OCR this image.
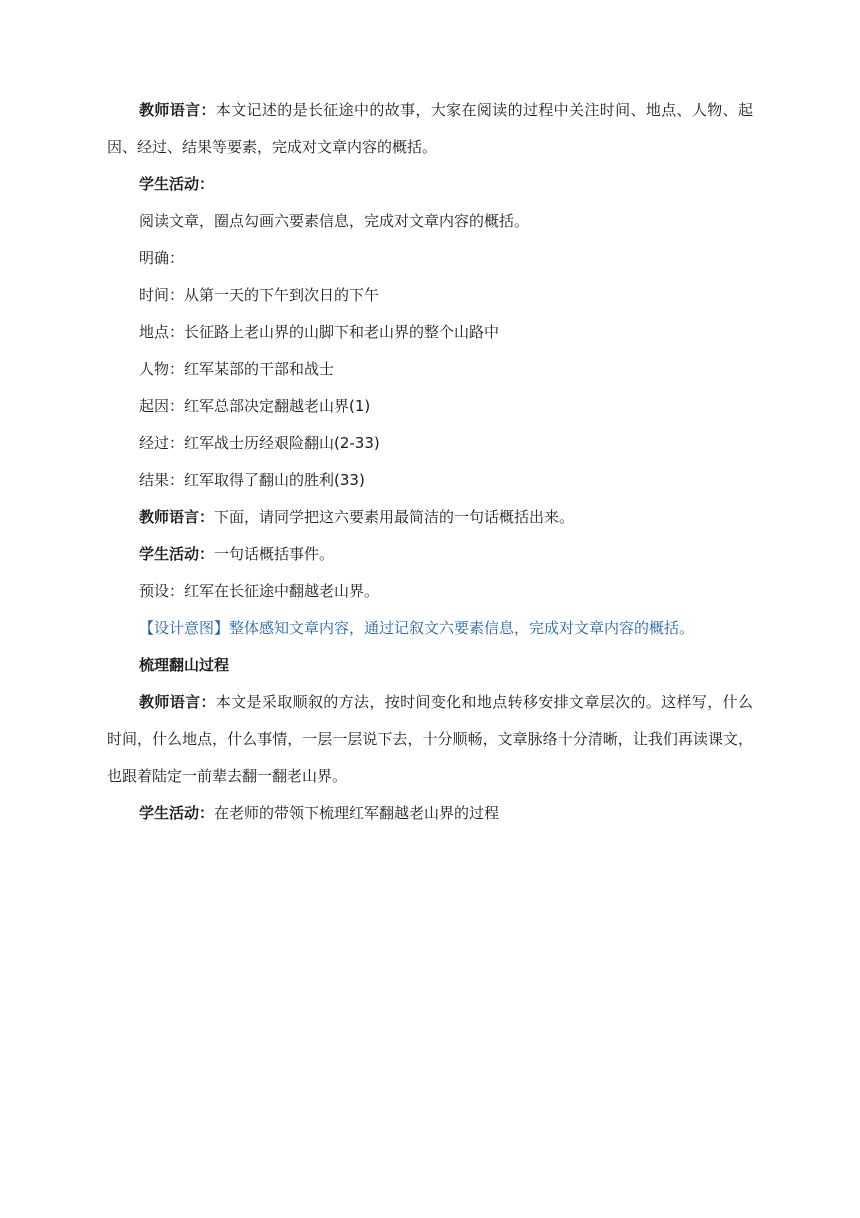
教师语言：本文记述的是长征途中的故事，大家在阅读的过程中关注时间、地点、人物、起因、经过、结果等要素，完成对文章内容的概括。

学生活动：

阅读文章，圈点勾画六要素信息，完成对文章内容的概括。

明确：

时间：从第一天的下午到次日的下午

地点：长征路上老山界的山脚下和老山界的整个山路中

人物：红军某部的干部和战士

起因：红军总部决定翻越老山界(1)

经过：红军战士历经艰险翻山(2-33)

结果：红军取得了翻山的胜利(33)

教师语言：下面，请同学把这六要素用最简洁的一句话概括出来。

学生活动：一句话概括事件。

预设：红军在长征途中翻越老山界。

【设计意图】整体感知文章内容，通过记叙文六要素信息，完成对文章内容的概括。

梳理翻山过程

教师语言：本文是采取顺叙的方法，按时间变化和地点转移安排文章层次的。这样写，什么时间，什么地点，什么事情，一层一层说下去，十分顺畅，文章脉络十分清晰，让我们再读课文，也跟着陆定一前辈去翻一翻老山界。

学生活动：在老师的带领下梳理红军翻越老山界的过程
